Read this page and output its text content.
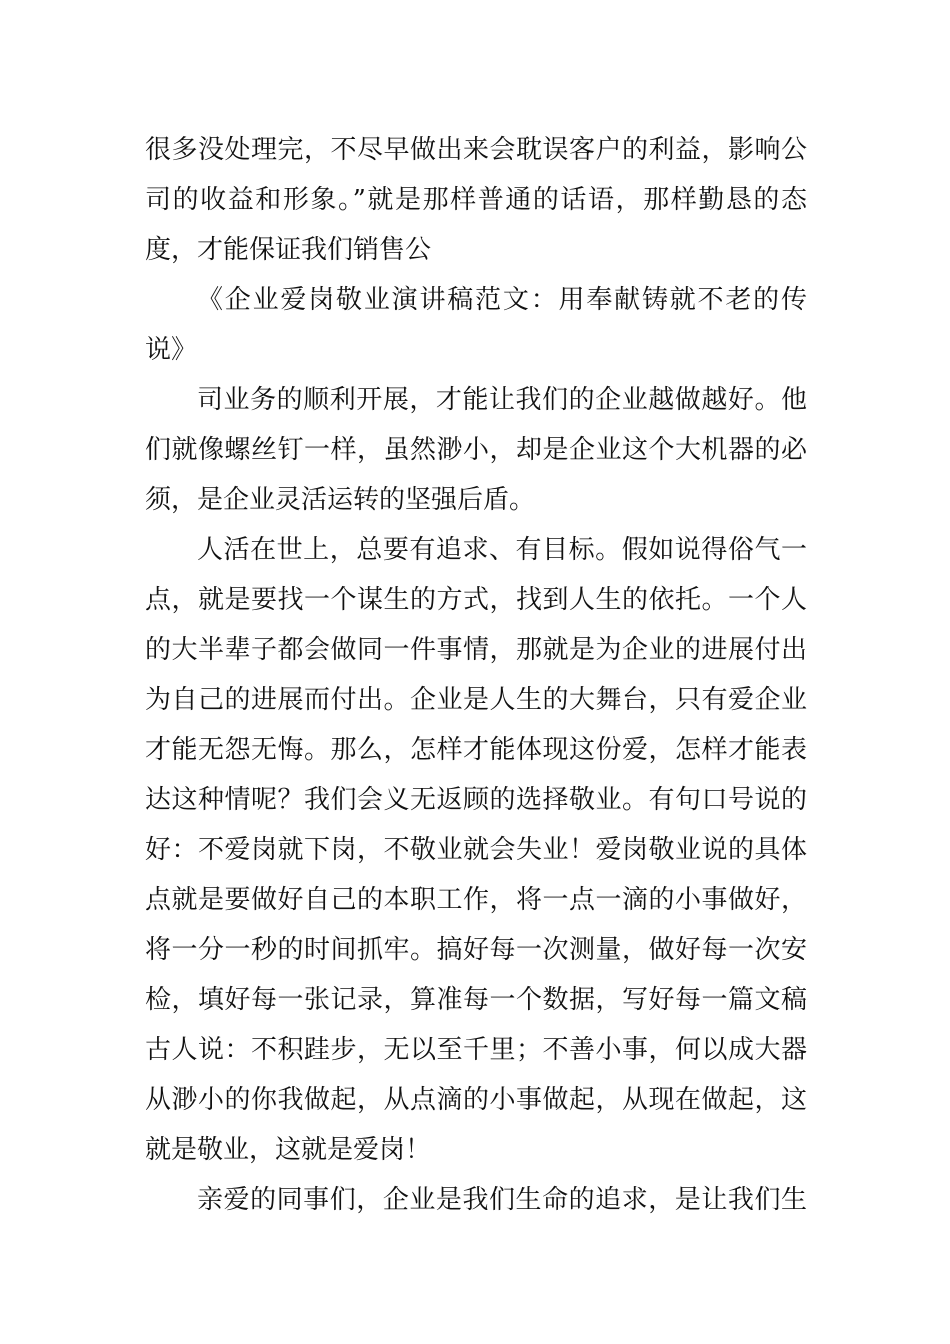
很多没处理完，不尽早做出来会耽误客户的利益，影响公
司的收益和形象。”就是那样普通的话语，那样勤恳的态
度，才能保证我们销售公
《企业爱岗敬业演讲稿范文：用奉献铸就不老的传
说》
司业务的顺利开展，才能让我们的企业越做越好。他
们就像螺丝钉一样，虽然渺小，却是企业这个大机器的必
须，是企业灵活运转的坚强后盾。
人活在世上，总要有追求、有目标。假如说得俗气一
点，就是要找一个谋生的方式，找到人生的依托。一个人
的大半辈子都会做同一件事情，那就是为企业的进展付出
为自己的进展而付出。企业是人生的大舞台，只有爱企业
才能无怨无悔。那么，怎样才能体现这份爱，怎样才能表
达这种情呢？我们会义无返顾的选择敬业。有句口号说的
好：不爱岗就下岗，不敬业就会失业！爱岗敬业说的具体
点就是要做好自己的本职工作，将一点一滴的小事做好，
将一分一秒的时间抓牢。搞好每一次测量，做好每一次安
检，填好每一张记录，算准每一个数据，写好每一篇文稿
古人说：不积跬步，无以至千里；不善小事，何以成大器
从渺小的你我做起，从点滴的小事做起，从现在做起，这
就是敬业，这就是爱岗！
亲爱的同事们，企业是我们生命的追求，是让我们生
